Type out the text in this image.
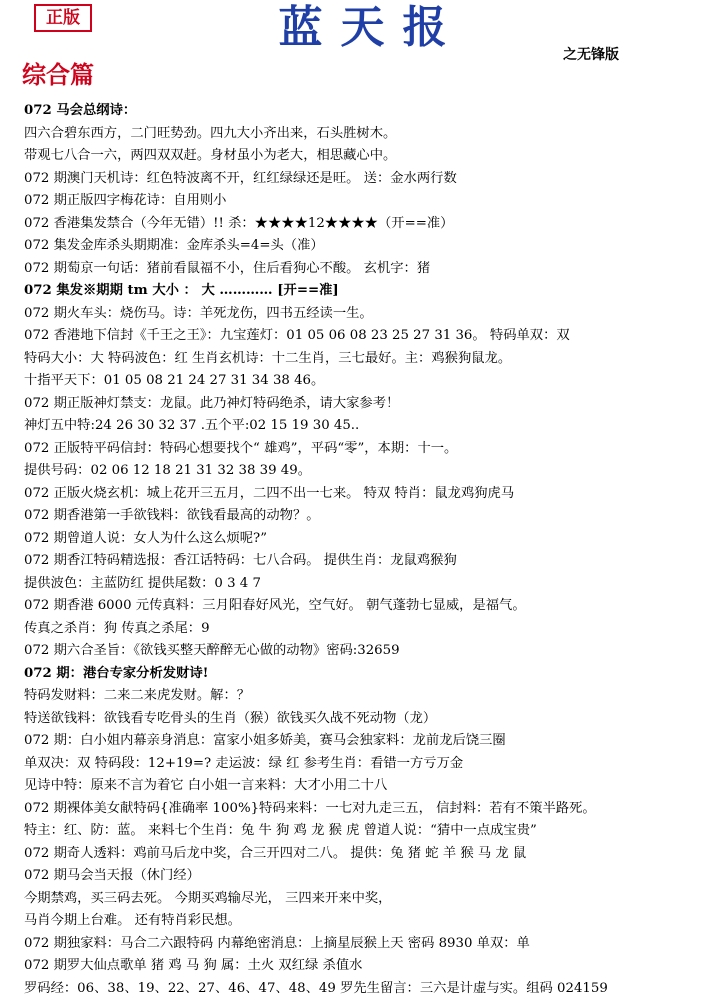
正版	蓝天报
之无锋版
综合篇
072 马会总纲诗：
四六合碧东西方，二门旺势劲。四九大小齐出来，石头胜树木。
带观七八合一六，两四双双赶。身材虽小为老大，相思藏心中。
072 期澳门天机诗：红色特波离不开，红红绿绿还是旺。 送：金水两行数
072 期正版四字梅花诗：自用则小
072 香港集发禁合（今年无错）!! 杀：★★★★12★★★★（开==准）
072 集发金库杀头期期准：金库杀头=4=头（准）
072 期萄京一句话：猪前看鼠福不小，住后看狗心不酸。 玄机字：猪
072 集发※期期 tm 大小 ： 大 ………… [开==准]
072 期火车头：烧伤马。诗：羊死龙伤，四书五经读一生。
072 香港地下信封《千王之王》：九宝莲灯：01 05 06 08 23 25 27 31 36。 特码单双：双
特码大小：大 特码波色：红 生肖玄机诗：十二生肖，三七最好。主：鸡猴狗鼠龙。
十指平天下：01 05 08 21 24 27 31 34 38 46。
072 期正版神灯禁支：龙鼠。此乃神灯特码绝杀，请大家参考！
神灯五中特:24 26 30 32 37 .五个平:02 15 19 30 45..
072 正版特平码信封：特码心想要找个“ 雄鸡”，平码“零”，本期：十一。
提供号码：02 06 12 18 21 31 32 38 39 49。
072 正版火烧玄机：城上花开三五月，二四不出一七来。 特双 特肖：鼠龙鸡狗虎马
072 期香港第一手欲钱料：欲钱看最高的动物？。
072 期曾道人说：女人为什么这么烦呢?”
072 期香江特码精选报：香江话特码：七八合码。 提供生肖：龙鼠鸡猴狗
提供波色：主蓝防红 提供尾数：0 3 4 7
072 期香港 6000 元传真料：三月阳春好风光，空气好。 朝气蓬勃七显威，是福气。
传真之杀肖：狗 传真之杀尾：9
072 期六合圣旨：《欲钱买整天醉醉无心做的动物》密码:32659
072 期：港台专家分析发财诗!
特码发财料：二来二来虎发财。解：？
特送欲钱料：欲钱看专吃骨头的生肖（猴）欲钱买久战不死动物（龙）
072 期：白小姐内幕亲身消息：富家小姐多娇美，赛马会独家料：龙前龙后饶三圈
单双决：双 特码段：12+19=? 走运波：绿 红 参考生肖：看错一方亏万金
见诗中特：原来不言为着它 白小姐一言来料：大才小用二十八
072 期裸体美女献特码{准确率 100%}特码来料：一七对九走三五， 信封料：若有不策半路死。
特主：红、防：蓝。 来料七个生肖：兔 牛 狗 鸡 龙 猴 虎 曾道人说：“猜中一点成宝贵”
072 期奇人透料：鸡前马后龙中奖，合三开四对二八。 提供：兔 猪 蛇 羊 猴 马 龙 鼠
072 期马会当天报（休门经）
今期禁鸡，买三码去死。 今期买鸡输尽光， 三四来开来中奖，
马肖今期上台难。 还有特肖彩民想。
072 期独家料：马合二六跟特码 内幕绝密消息：上摘星辰猴上天 密码 8930 单双：单
072 期罗大仙点歌单 猪 鸡 马 狗 属：土火 双红绿 杀值水
罗码经：06、38、19、22、27、46、47、48、49 罗先生留言：三六是计虚与实。组码 024159
